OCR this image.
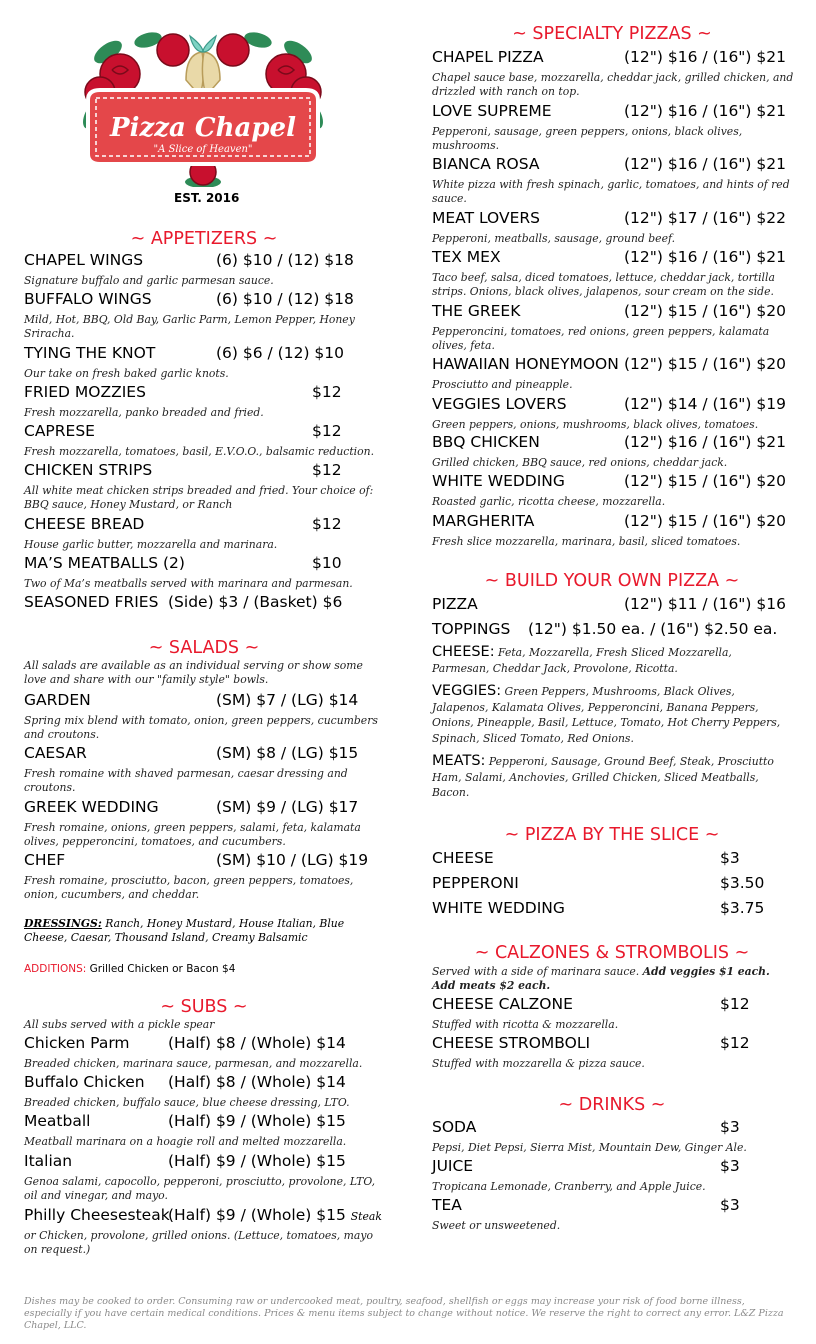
Pizza Chapel
"A Slice of Heaven"
EST. 2016
~ APPETIZERS ~
CHAPEL WINGS	(6) $10 / (12) $18
Signature buffalo and garlic parmesan sauce.
BUFFALO WINGS	(6) $10 / (12) $18
Mild, Hot, BBQ, Old Bay, Garlic Parm, Lemon Pepper, Honey Sriracha.
TYING THE KNOT	(6) $6 / (12) $10
Our take on fresh baked garlic knots.
FRIED MOZZIES	$12
Fresh mozzarella, panko breaded and fried.
CAPRESE	$12
Fresh mozzarella, tomatoes, basil, E.V.O.O., balsamic reduction.
CHICKEN STRIPS	$12
All white meat chicken strips breaded and fried. Your choice of: BBQ sauce, Honey Mustard, or Ranch
CHEESE BREAD	$12
House garlic butter, mozzarella and marinara.
MA’S MEATBALLS (2)	$10
Two of Ma’s meatballs served with marinara and parmesan.
SEASONED FRIES (Side) $3 / (Basket) $6
~ SALADS ~
All salads are available as an individual serving or show some love and share with our "family style" bowls.
GARDEN	(SM) $7 / (LG) $14
Spring mix blend with tomato, onion, green peppers, cucumbers and croutons.
CAESAR	(SM) $8 / (LG) $15
Fresh romaine with shaved parmesan, caesar dressing and croutons.
GREEK WEDDING	(SM) $9 / (LG) $17
Fresh romaine, onions, green peppers, salami, feta, kalamata olives, pepperoncini, tomatoes, and cucumbers.
CHEF	(SM) $10 / (LG) $19
Fresh romaine, prosciutto, bacon, green peppers, tomatoes, onion, cucumbers, and cheddar.
DRESSINGS: Ranch, Honey Mustard, House Italian, Blue Cheese, Caesar, Thousand Island, Creamy Balsamic
ADDITIONS: Grilled Chicken or Bacon $4
~ SUBS ~
All subs served with a pickle spear
Chicken Parm (Half) $8 / (Whole) $14
Breaded chicken, marinara sauce, parmesan, and mozzarella.
Buffalo Chicken (Half) $8 / (Whole) $14
Breaded chicken, buffalo sauce, blue cheese dressing, LTO.
Meatball	(Half) $9 / (Whole) $15
Meatball marinara on a hoagie roll and melted mozzarella.
Italian	(Half) $9 / (Whole) $15
Genoa salami, capocollo, pepperoni, prosciutto, provolone, LTO, oil and vinegar, and mayo.
Philly Cheesesteak
(Half) $9 / (Whole) $15 Steak
or Chicken, provolone, grilled onions. (Lettuce, tomatoes, mayo on request.)
~ SPECIALTY PIZZAS ~
CHAPEL PIZZA	(12") $16 / (16") $21
Chapel sauce base, mozzarella, cheddar jack, grilled chicken, and drizzled with ranch on top.
LOVE SUPREME	(12") $16 / (16") $21
Pepperoni, sausage, green peppers, onions, black olives, mushrooms.
BIANCA ROSA	(12") $16 / (16") $21
White pizza with fresh spinach, garlic, tomatoes, and hints of red sauce.
MEAT LOVERS	(12") $17 / (16") $22
Pepperoni, meatballs, sausage, ground beef.
TEX MEX	(12") $16 / (16") $21
Taco beef, salsa, diced tomatoes, lettuce, cheddar jack, tortilla strips. Onions, black olives, jalapenos, sour cream on the side.
THE GREEK	(12") $15 / (16") $20
Pepperoncini, tomatoes, red onions, green peppers, kalamata olives, feta.
HAWAIIAN HONEYMOON (12") $15 / (16") $20
Prosciutto and pineapple.
VEGGIES LOVERS	(12") $14 / (16") $19
Green peppers, onions, mushrooms, black olives, tomatoes.
BBQ CHICKEN	(12") $16 / (16") $21
Grilled chicken, BBQ sauce, red onions, cheddar jack.
WHITE WEDDING	(12") $15 / (16") $20
Roasted garlic, ricotta cheese, mozzarella.
MARGHERITA	(12") $15 / (16") $20
Fresh slice mozzarella, marinara, basil, sliced tomatoes.
~ BUILD YOUR OWN PIZZA ~
PIZZA	(12") $11 / (16") $16
TOPPINGS (12") $1.50 ea. / (16") $2.50 ea.
CHEESE: Feta, Mozzarella, Fresh Sliced Mozzarella, Parmesan, Cheddar Jack, Provolone, Ricotta.
VEGGIES: Green Peppers, Mushrooms, Black Olives, Jalapenos, Kalamata Olives, Pepperoncini, Banana Peppers, Onions, Pineapple, Basil, Lettuce, Tomato, Hot Cherry Peppers, Spinach, Sliced Tomato, Red Onions.
MEATS: Pepperoni, Sausage, Ground Beef, Steak, Prosciutto Ham, Salami, Anchovies, Grilled Chicken, Sliced Meatballs, Bacon.
~ PIZZA BY THE SLICE ~
CHEESE	$3
PEPPERONI	$3.50
WHITE WEDDING	$3.75
~ CALZONES & STROMBOLIS ~
Served with a side of marinara sauce. Add veggies $1 each. Add meats $2 each.
CHEESE CALZONE	$12
Stuffed with ricotta & mozzarella.
CHEESE STROMBOLI	$12
Stuffed with mozzarella & pizza sauce.
~ DRINKS ~
SODA	$3
Pepsi, Diet Pepsi, Sierra Mist, Mountain Dew, Ginger Ale.
JUICE	$3
Tropicana Lemonade, Cranberry, and Apple Juice.
TEA	$3
Sweet or unsweetened.
Dishes may be cooked to order. Consuming raw or undercooked meat, poultry, seafood, shellfish or eggs may increase your risk of food borne illness, especially if you have certain medical conditions. Prices & menu items subject to change without notice. We reserve the right to correct any error. L&Z Pizza Chapel, LLC.
